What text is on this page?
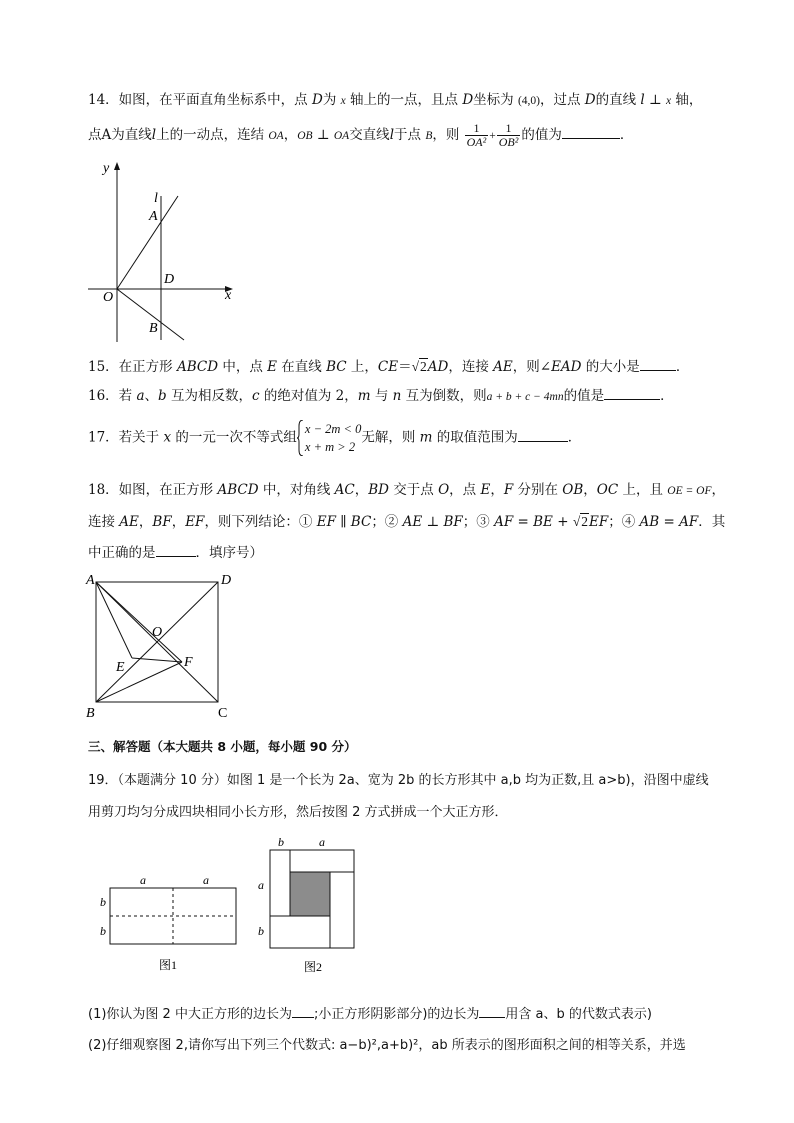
14．如图，在平面直角坐标系中，点 D为 x 轴上的一点，且点 D坐标为 (4,0)，过点 D的直线 l ⊥ x 轴，
点A为直线l上的一动点，连结 OA，OB ⊥ OA交直线l于点 B，则 $\frac{1}{\text{OA²}} + \frac{1}{\text{OB²}}$ 的值为	．
y
l
A
D
O	x
B
15．在正方形 ABCD 中，点 E 在直线 BC 上，CE＝√2AD，连接 AE，则∠EAD 的大小是	．
16．若 a、b 互为相反数，c 的绝对值为 2，m 与 n 互为倒数，则a + b + c − 4mn的值是	．
17．若关于 x 的一元一次不等式组
x − 2m < 0
x + m > 2
无解，则 m 的取值范围为	．
18．如图，在正方形 ABCD 中，对角线 AC，BD 交于点 O，点 E，F 分别在 OB，OC 上，且 OE = OF，
连接 AE，BF，EF，则下列结论：① EF ∥ BC；② AE ⊥ BF；③ AF = BE + √2EF；④ AB = AF．其
中正确的是	．填序号）
A	D
O
E	F
B	C
三、解答题（本大题共 8 小题，每小题 90 分）
19．（本题满分 10 分）如图 1 是一个长为 2a、宽为 2b 的长方形其中 a,b 均为正数,且 a>b)，沿图中虚线
用剪刀均匀分成四块相同小长方形，然后按图 2 方式拼成一个大正方形．
a	a
b
b
图1
b	a
a
b
图2
(1)你认为图 2 中大正方形的边长为 ;小正方形阴影部分)的边长为 用含 a、b 的代数式表示)
(2)仔细观察图 2,请你写出下列三个代数式: a−b)²,a+b)²，ab 所表示的图形面积之间的相等关系，并选
